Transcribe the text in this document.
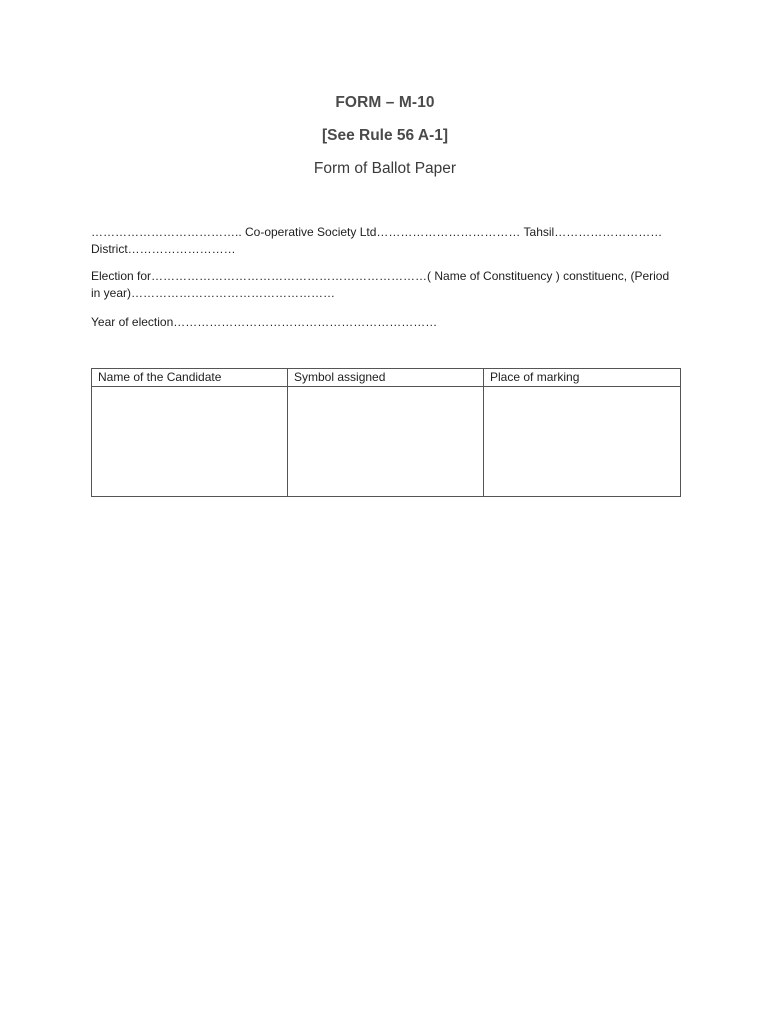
FORM – M-10
[See Rule 56 A-1]
Form of Ballot Paper
……………………………….. Co-operative Society Ltd……………………………… Tahsil……………………… District………………………
Election for……………………………………………………………( Name of Constituency ) constituenc, (Period in year)……………………………………………
Year of election…………………………………………………………
Name of the Candidate	Symbol assigned	Place of marking
